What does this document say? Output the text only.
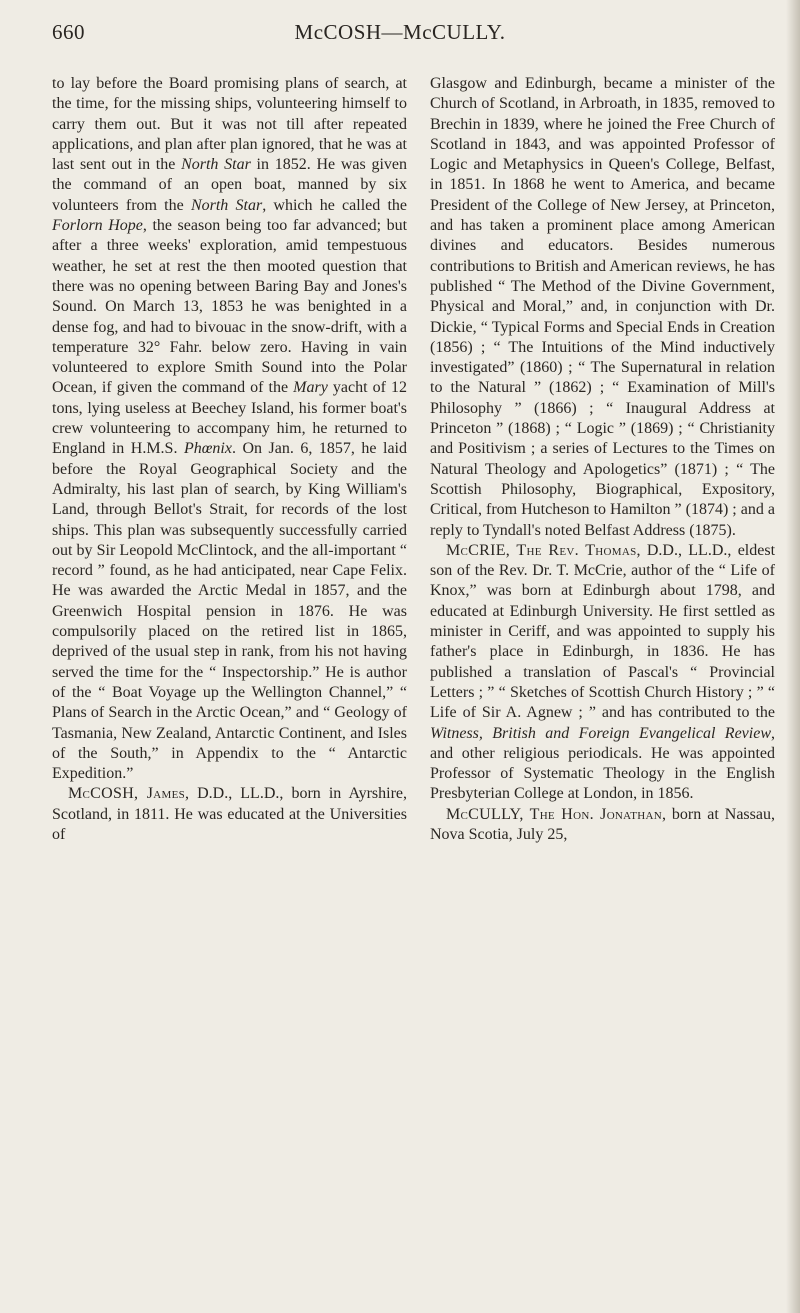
660	McCOSH—McCULLY.

to lay before the Board promising plans of search, at the time, for the missing ships, volunteering himself to carry them out. But it was not till after repeated applications, and plan after plan ignored, that he was at last sent out in the North Star in 1852. He was given the command of an open boat, manned by six volunteers from the North Star, which he called the Forlorn Hope, the season being too far advanced; but after a three weeks' exploration, amid tempestuous weather, he set at rest the then mooted question that there was no opening between Baring Bay and Jones's Sound. On March 13, 1853 he was benighted in a dense fog, and had to bivouac in the snow-drift, with a temperature 32° Fahr. below zero. Having in vain volunteered to explore Smith Sound into the Polar Ocean, if given the command of the Mary yacht of 12 tons, lying useless at Beechey Island, his former boat's crew volunteering to accompany him, he returned to England in H.M.S. Phœnix. On Jan. 6, 1857, he laid before the Royal Geographical Society and the Admiralty, his last plan of search, by King William's Land, through Bellot's Strait, for records of the lost ships. This plan was subsequently successfully carried out by Sir Leopold McClintock, and the all-important “ record ” found, as he had anticipated, near Cape Felix. He was awarded the Arctic Medal in 1857, and the Greenwich Hospital pension in 1876. He was compulsorily placed on the retired list in 1865, deprived of the usual step in rank, from his not having served the time for the “ Inspectorship.” He is author of the “ Boat Voyage up the Wellington Channel,” “ Plans of Search in the Arctic Ocean,” and “ Geology of Tasmania, New Zealand, Antarctic Continent, and Isles of the South,” in Appendix to the “ Antarctic Expedition.”

McCOSH, James, D.D., LL.D., born in Ayrshire, Scotland, in 1811. He was educated at the Universities of

Glasgow and Edinburgh, became a minister of the Church of Scotland, in Arbroath, in 1835, removed to Brechin in 1839, where he joined the Free Church of Scotland in 1843, and was appointed Professor of Logic and Metaphysics in Queen's College, Belfast, in 1851. In 1868 he went to America, and became President of the College of New Jersey, at Princeton, and has taken a prominent place among American divines and educators. Besides numerous contributions to British and American reviews, he has published “ The Method of the Divine Government, Physical and Moral,” and, in conjunction with Dr. Dickie, “ Typical Forms and Special Ends in Creation (1856) ; “ The Intuitions of the Mind inductively investigated” (1860) ; “ The Supernatural in relation to the Natural ” (1862) ; “ Examination of Mill's Philosophy ” (1866) ; “ Inaugural Address at Princeton ” (1868) ; “ Logic ” (1869) ; “ Christianity and Positivism ; a series of Lectures to the Times on Natural Theology and Apologetics” (1871) ; “ The Scottish Philosophy, Biographical, Expository, Critical, from Hutcheson to Hamilton ” (1874) ; and a reply to Tyndall's noted Belfast Address (1875).

McCRIE, The Rev. Thomas, D.D., LL.D., eldest son of the Rev. Dr. T. McCrie, author of the “ Life of Knox,” was born at Edinburgh about 1798, and educated at Edinburgh University. He first settled as minister in Ceriff, and was appointed to supply his father's place in Edinburgh, in 1836. He has published a translation of Pascal's “ Provincial Letters ; ” “ Sketches of Scottish Church History ; ” “ Life of Sir A. Agnew ; ” and has contributed to the Witness, British and Foreign Evangelical Review, and other religious periodicals. He was appointed Professor of Systematic Theology in the English Presbyterian College at London, in 1856.

McCULLY, The Hon. Jonathan, born at Nassau, Nova Scotia, July 25,
